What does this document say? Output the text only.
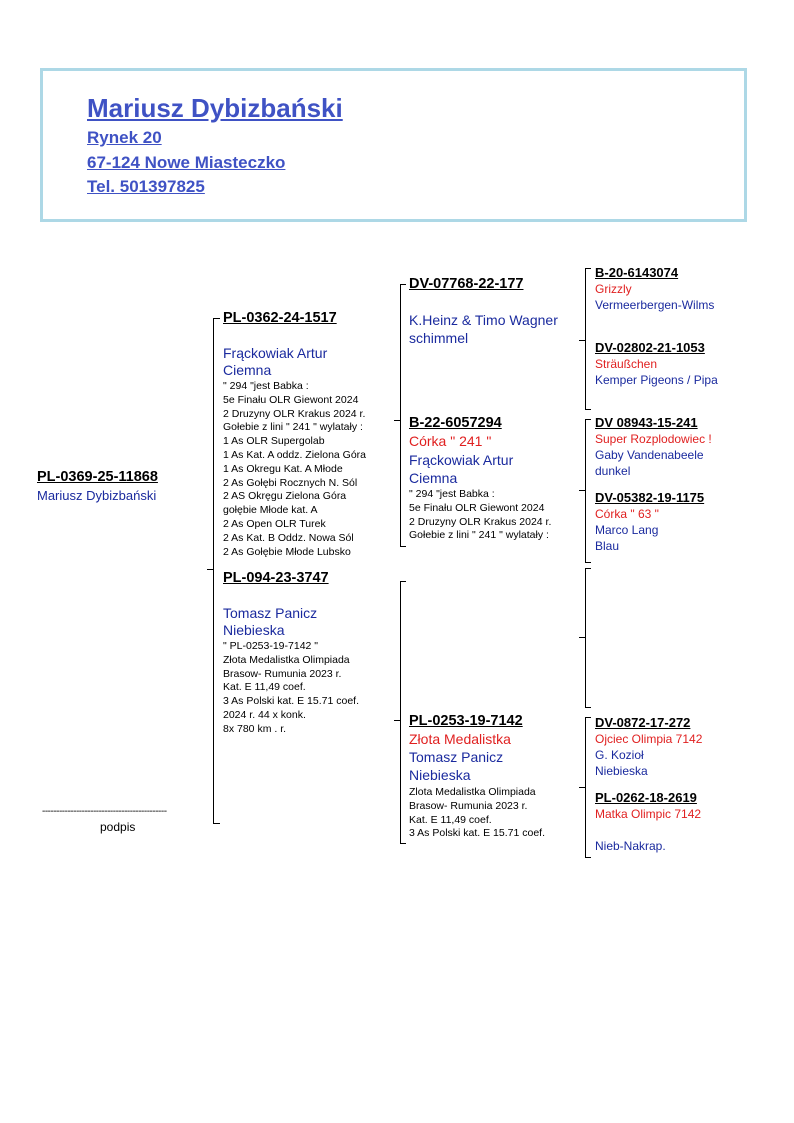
Mariusz Dybizbański
Rynek 20
67-124 Nowe Miasteczko
Tel. 501397825
PL-0369-25-11868
Mariusz Dybizbański
--------------------------------------------
podpis
PL-0362-24-1517
Frąckowiak Artur
Ciemna
" 294 "jest Babka :
5e Finału OLR Giewont 2024
2 Druzyny OLR Krakus 2024 r.
Gołebie z lini " 241 " wylatały :
1 As OLR Supergolab
1 As Kat. A oddz. Zielona Góra
1 As Okregu Kat. A Młode
2 As Gołębi Rocznych N. Sól
2 AS Okręgu Zielona Góra
gołębie Młode kat. A
2 As Open OLR Turek
2 As Kat. B Oddz. Nowa Sól
2 As Gołębie Młode Lubsko
PL-094-23-3747
Tomasz Panicz
Niebieska
" PL-0253-19-7142 "
Złota Medalistka Olimpiada
Brasow- Rumunia 2023 r.
Kat. E 11,49 coef.
3 As Polski kat. E 15.71 coef.
2024 r. 44 x konk.
8x 780 km . r.
DV-07768-22-177
K.Heinz & Timo Wagner
schimmel
B-22-6057294
Córka " 241 "
Frąckowiak Artur
Ciemna
" 294 "jest Babka :
5e Finału OLR Giewont 2024
2 Druzyny OLR Krakus 2024 r.
Gołebie z lini " 241 " wylatały :
PL-0253-19-7142
Złota Medalistka
Tomasz Panicz
Niebieska
Zlota Medalistka Olimpiada
Brasow- Rumunia 2023 r.
Kat. E 11,49 coef.
3 As Polski kat. E 15.71 coef.
B-20-6143074
Grizzly
Vermeerbergen-Wilms
DV-02802-21-1053
Sträußchen
Kemper Pigeons / Pipa
DV 08943-15-241
Super Rozplodowiec !
Gaby Vandenabeele
dunkel
DV-05382-19-1175
Córka " 63 "
Marco Lang
Blau
DV-0872-17-272
Ojciec Olimpia 7142
G. Kozioł
Niebieska
PL-0262-18-2619
Matka Olimpic 7142
Nieb-Nakrap.
